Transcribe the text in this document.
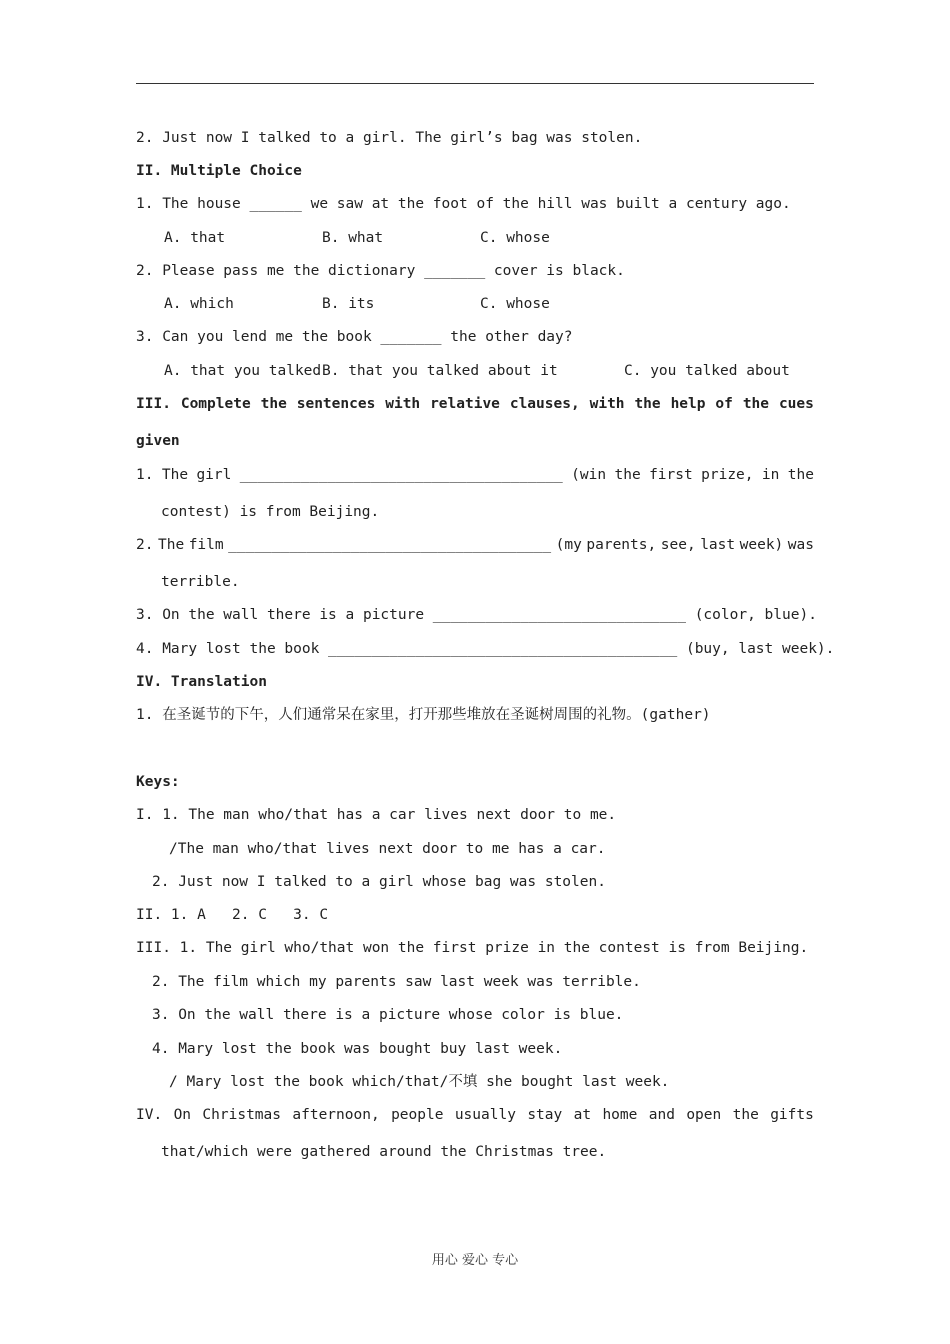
2. Just now I talked to a girl. The girl’s bag was stolen.
II. Multiple Choice
1. The house ______ we saw at the foot of the hill was built a century ago.
A. that	B. what	C. whose
2. Please pass me the dictionary _______ cover is black.
A. which	B. its	C. whose
3. Can you lend me the book _______ the other day?
A. that you talked B. that you talked about it	C. you talked about
III. Complete the sentences with relative clauses, with the help of the cues
given
1. The girl _____________________________________ (win the first prize, in the
contest) is from Beijing.
2. The film _____________________________________ (my parents, see, last week) was
terrible.
3. On the wall there is a picture _____________________________ (color, blue).
4. Mary lost the book ________________________________________ (buy, last week).
IV. Translation
1. 在圣诞节的下午，人们通常呆在家里，打开那些堆放在圣诞树周围的礼物。(gather)
Keys:
I. 1. The man who/that has a car lives next door to me.
/The man who/that lives next door to me has a car.
2. Just now I talked to a girl whose bag was stolen.
II. 1. A   2. C   3. C
III. 1. The girl who/that won the first prize in the contest is from Beijing.
2. The film which my parents saw last week was terrible.
3. On the wall there is a picture whose color is blue.
4. Mary lost the book was bought buy last week.
/ Mary lost the book which/that/不填 she bought last week.
IV. On Christmas afternoon, people usually stay at home and open the gifts
that/which were gathered around the Christmas tree.
用心 爱心 专心
